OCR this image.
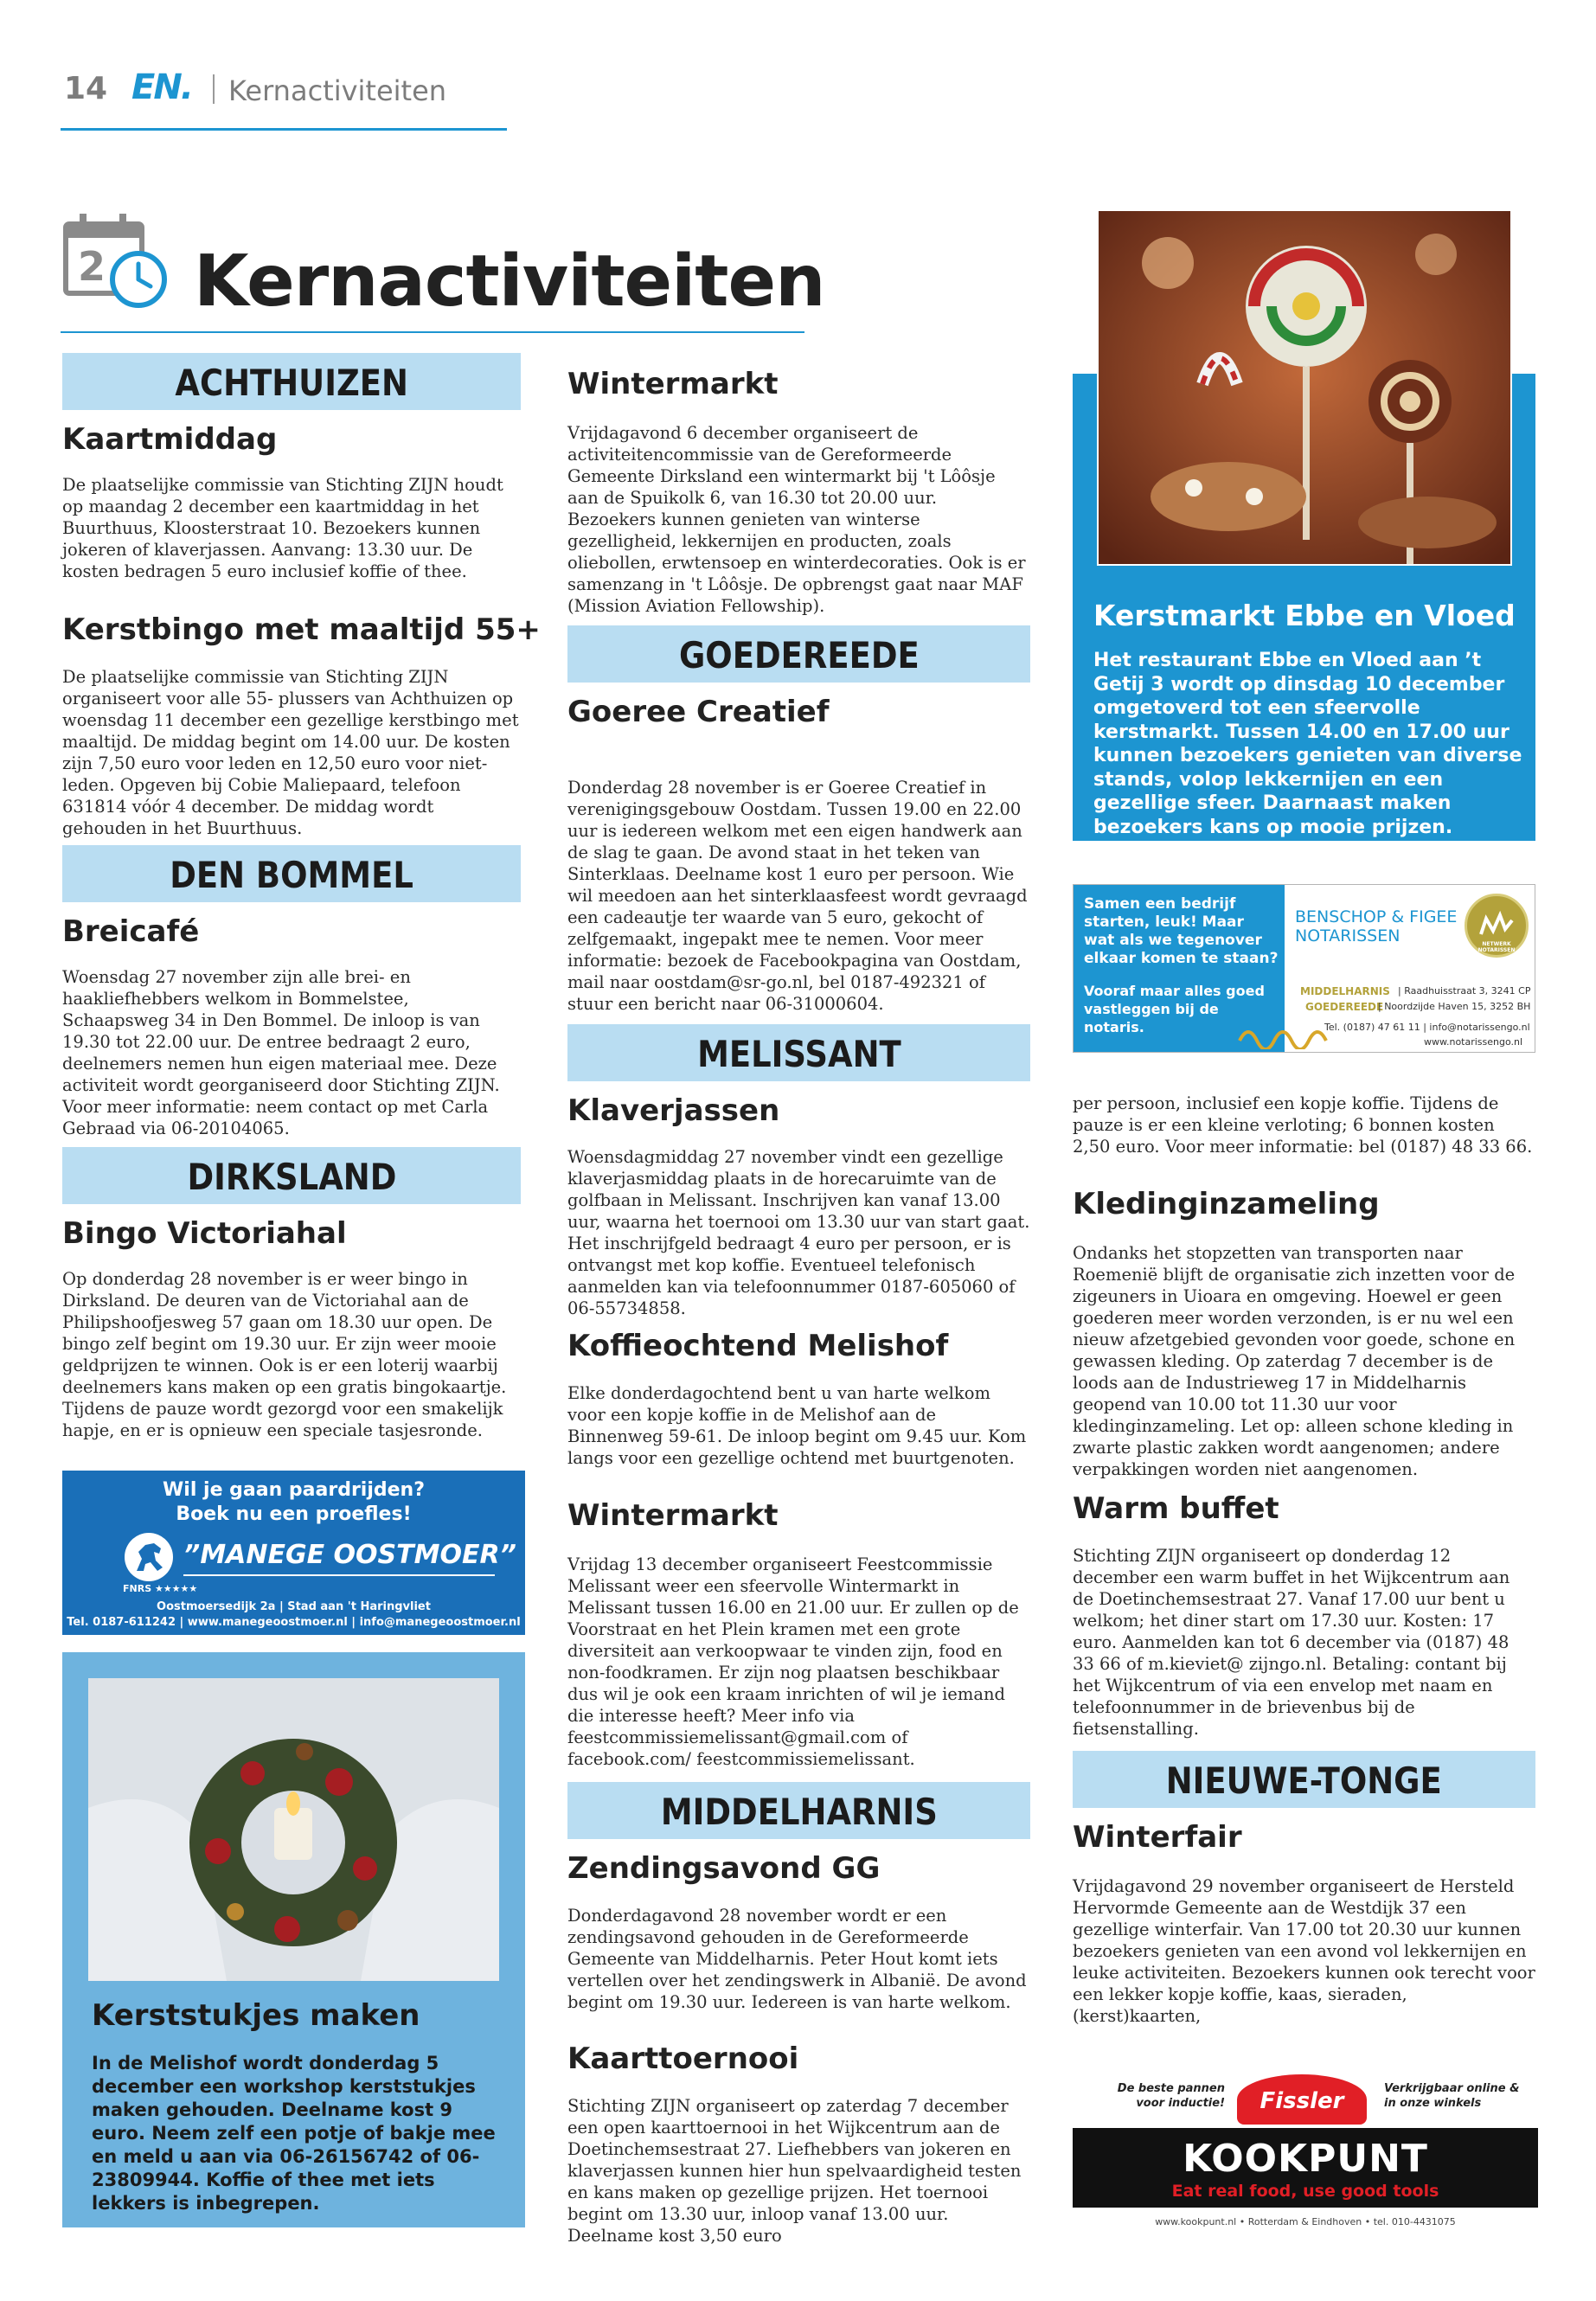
14 EN. Kernactiviteiten
2 Kernactiviteiten
ACHTHUIZEN
Kaartmiddag
De plaatselijke commissie van Stichting ZIJN houdt op maandag 2 december een kaartmiddag in het Buurthuus, Kloosterstraat 10. Bezoekers kunnen jokeren of klaverjassen. Aanvang: 13.30 uur. De kosten bedragen 5 euro inclusief koffie of thee.
Kerstbingo met maaltijd 55+
De plaatselijke commissie van Stichting ZIJN organiseert voor alle 55- plussers van Achthuizen op woensdag 11 december een gezellige kerstbingo met maaltijd. De middag begint om 14.00 uur. De kosten zijn 7,50 euro voor leden en 12,50 euro voor niet-leden. Opgeven bij Cobie Maliepaard, telefoon 631814 vóór 4 december. De middag wordt gehouden in het Buurthuus.
DEN BOMMEL
Breicafé
Woensdag 27 november zijn alle brei- en haakliefhebbers welkom in Bommelstee, Schaapsweg 34 in Den Bommel. De inloop is van 19.30 tot 22.00 uur. De entree bedraagt 2 euro, deelnemers nemen hun eigen materiaal mee. Deze activiteit wordt georganiseerd door Stichting ZIJN. Voor meer informatie: neem contact op met Carla Gebraad via 06-20104065.
DIRKSLAND
Bingo Victoriahal
Op donderdag 28 november is er weer bingo in Dirksland. De deuren van de Victoriahal aan de Philipshoofjesweg 57 gaan om 18.30 uur open. De bingo zelf begint om 19.30 uur. Er zijn weer mooie geldprijzen te winnen. Ook is er een loterij waarbij deelnemers kans maken op een gratis bingokaartje. Tijdens de pauze wordt gezorgd voor een smakelijk hapje, en er is opnieuw een speciale tasjesronde.
Wil je gaan paardrijden?
Boek nu een proefles!
”MANEGE OOSTMOER”
FNRS ★★★★★
Oostmoersedijk 2a | Stad aan 't Haringvliet
Tel. 0187-611242 | www.manegeoostmoer.nl | info@manegeoostmoer.nl
Kerststukjes maken
In de Melishof wordt donderdag 5 december een workshop kerststukjes maken gehouden. Deelname kost 9 euro. Neem zelf een potje of bakje mee en meld u aan via 06-26156742 of 06-23809944. Koffie of thee met iets lekkers is inbegrepen.
Wintermarkt
Vrijdagavond 6 december organiseert de activiteitencommissie van de Gereformeerde Gemeente Dirksland een wintermarkt bij 't Lôôsje aan de Spuikolk 6, van 16.30 tot 20.00 uur. Bezoekers kunnen genieten van winterse gezelligheid, lekkernijen en producten, zoals oliebollen, erwtensoep en winterdecoraties. Ook is er samenzang in 't Lôôsje. De opbrengst gaat naar MAF (Mission Aviation Fellowship).
GOEDEREEDE
Goeree Creatief
Donderdag 28 november is er Goeree Creatief in verenigingsgebouw Oostdam. Tussen 19.00 en 22.00 uur is iedereen welkom met een eigen handwerk aan de slag te gaan. De avond staat in het teken van Sinterklaas. Deelname kost 1 euro per persoon. Wie wil meedoen aan het sinterklaasfeest wordt gevraagd een cadeautje ter waarde van 5 euro, gekocht of zelfgemaakt, ingepakt mee te nemen. Voor meer informatie: bezoek de Facebookpagina van Oostdam, mail naar oostdam@sr-go.nl, bel 0187-492321 of stuur een bericht naar 06-31000604.
MELISSANT
Klaverjassen
Woensdagmiddag 27 november vindt een gezellige klaverjasmiddag plaats in de horecaruimte van de golfbaan in Melissant. Inschrijven kan vanaf 13.00 uur, waarna het toernooi om 13.30 uur van start gaat. Het inschrijfgeld bedraagt 4 euro per persoon, er is ontvangst met kop koffie. Eventueel telefonisch aanmelden kan via telefoonnummer 0187-605060 of 06-55734858.
Koffieochtend Melishof
Elke donderdagochtend bent u van harte welkom voor een kopje koffie in de Melishof aan de Binnenweg 59-61. De inloop begint om 9.45 uur. Kom langs voor een gezellige ochtend met buurtgenoten.
Wintermarkt
Vrijdag 13 december organiseert Feestcommissie Melissant weer een sfeervolle Wintermarkt in Melissant tussen 16.00 en 21.00 uur. Er zullen op de Voorstraat en het Plein kramen met een grote diversiteit aan verkoopwaar te vinden zijn, food en non-foodkramen. Er zijn nog plaatsen beschikbaar dus wil je ook een kraam inrichten of wil je iemand die interesse heeft? Meer info via feestcommissiemelissant@gmail.com of facebook.com/ feestcommissiemelissant.
MIDDELHARNIS
Zendingsavond GG
Donderdagavond 28 november wordt er een zendingsavond gehouden in de Gereformeerde Gemeente van Middelharnis. Peter Hout komt iets vertellen over het zendingswerk in Albanië. De avond begint om 19.30 uur. Iedereen is van harte welkom.
Kaarttoernooi
Stichting ZIJN organiseert op zaterdag 7 december een open kaarttoernooi in het Wijkcentrum aan de Doetinchemsestraat 27. Liefhebbers van jokeren en klaverjassen kunnen hier hun spelvaardigheid testen en kans maken op gezellige prijzen. Het toernooi begint om 13.30 uur, inloop vanaf 13.00 uur. Deelname kost 3,50 euro
Kerstmarkt Ebbe en Vloed
Het restaurant Ebbe en Vloed aan ’t Getij 3 wordt op dinsdag 10 december omgetoverd tot een sfeervolle kerstmarkt. Tussen 14.00 en 17.00 uur kunnen bezoekers genieten van diverse stands, volop lekkernijen en een gezellige sfeer. Daarnaast maken bezoekers kans op mooie prijzen.
Samen een bedrijf starten, leuk! Maar wat als we tegenover elkaar komen te staan?
Vooraf maar alles goed vastleggen bij de notaris.
BENSCHOP & FIGEE
NOTARISSEN	NETWERK NOTARISSEN
MIDDELHARNIS | Raadhuisstraat 3, 3241 CP
GOEDEREEDE
| Noordzijde Haven 15, 3252 BH
Tel. (0187) 47 61 11 | info@notarissengo.nl
www.notarissengo.nl
per persoon, inclusief een kopje koffie. Tijdens de pauze is er een kleine verloting; 6 bonnen kosten 2,50 euro. Voor meer informatie: bel (0187) 48 33 66.
Kledinginzameling
Ondanks het stopzetten van transporten naar Roemenië blijft de organisatie zich inzetten voor de zigeuners in Uioara en omgeving. Hoewel er geen goederen meer worden verzonden, is er nu wel een nieuw afzetgebied gevonden voor goede, schone en gewassen kleding. Op zaterdag 7 december is de loods aan de Industrieweg 17 in Middelharnis geopend van 10.00 tot 11.30 uur voor kledinginzameling. Let op: alleen schone kleding in zwarte plastic zakken wordt aangenomen; andere verpakkingen worden niet aangenomen.
Warm buffet
Stichting ZIJN organiseert op donderdag 12 december een warm buffet in het Wijkcentrum aan de Doetinchemsestraat 27. Vanaf 17.00 uur bent u welkom; het diner start om 17.30 uur. Kosten: 17 euro. Aanmelden kan tot 6 december via (0187) 48 33 66 of m.kieviet@ zijngo.nl. Betaling: contant bij het Wijkcentrum of via een envelop met naam en telefoonnummer in de brievenbus bij de fietsenstalling.
NIEUWE-TONGE
Winterfair
Vrijdagavond 29 november organiseert de Hersteld Hervormde Gemeente aan de Westdijk 37 een gezellige winterfair. Van 17.00 tot 20.30 uur kunnen bezoekers genieten van een avond vol lekkernijen en leuke activiteiten. Bezoekers kunnen ook terecht voor een lekker kopje koffie, kaas, sieraden, (kerst)kaarten,
De beste pannen voor inductie!	Fissler	Verkrijgbaar online & in onze winkels
KOOKPUNT
Eat real food, use good tools
www.kookpunt.nl • Rotterdam & Eindhoven • tel. 010-4431075
